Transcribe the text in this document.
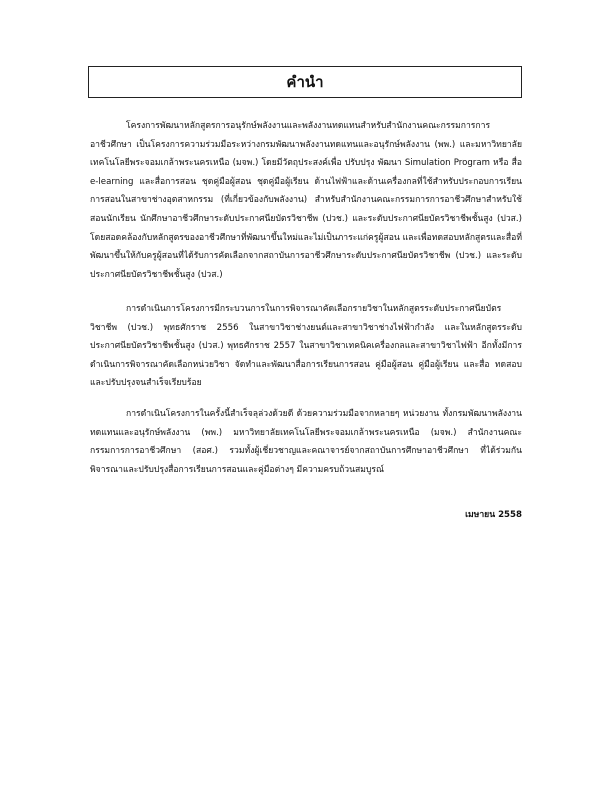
คำนำ

โครงการพัฒนาหลักสูตรการอนุรักษ์พลังงานและพลังงานทดแทนสำหรับสำนักงานคณะกรรมการการอาชีวศึกษา เป็นโครงการความร่วมมือระหว่างกรมพัฒนาพลังงานทดแทนและอนุรักษ์พลังงาน (พพ.) และมหาวิทยาลัยเทคโนโลยีพระจอมเกล้าพระนครเหนือ (มจพ.) โดยมีวัตถุประสงค์เพื่อ ปรับปรุง พัฒนา Simulation Program หรือ สื่อ e-learning และสื่อการสอน ชุดคู่มือผู้สอน ชุดคู่มือผู้เรียน ด้านไฟฟ้าและด้านเครื่องกลที่ใช้สำหรับประกอบการเรียนการสอนในสาขาช่างอุตสาหกรรม (ที่เกี่ยวข้องกับพลังงาน) สำหรับสำนักงานคณะกรรมการการอาชีวศึกษาสำหรับใช้สอนนักเรียน นักศึกษาอาชีวศึกษาระดับประกาศนียบัตรวิชาชีพ (ปวช.) และระดับประกาศนียบัตรวิชาชีพชั้นสูง (ปวส.) โดยสอดคล้องกับหลักสูตรของอาชีวศึกษาที่พัฒนาขึ้นใหม่และไม่เป็นภาระแก่ครูผู้สอน และเพื่อทดสอบหลักสูตรและสื่อที่พัฒนาขึ้นให้กับครูผู้สอนที่ได้รับการคัดเลือกจากสถาบันการอาชีวศึกษาระดับประกาศนียบัตรวิชาชีพ (ปวช.) และระดับประกาศนียบัตรวิชาชีพชั้นสูง (ปวส.)

การดำเนินการโครงการมีกระบวนการในการพิจารณาคัดเลือกรายวิชาในหลักสูตรระดับประกาศนียบัตรวิชาชีพ (ปวช.) พุทธศักราช 2556 ในสาขาวิชาช่างยนต์และสาขาวิชาช่างไฟฟ้ากำลัง และในหลักสูตรระดับประกาศนียบัตรวิชาชีพชั้นสูง (ปวส.) พุทธศักราช 2557 ในสาขาวิชาเทคนิคเครื่องกลและสาขาวิชาไฟฟ้า อีกทั้งมีการดำเนินการพิจารณาคัดเลือกหน่วยวิชา จัดทำและพัฒนาสื่อการเรียนการสอน คู่มือผู้สอน คู่มือผู้เรียน และสื่อ ทดสอบและปรับปรุงจนสำเร็จเรียบร้อย

การดำเนินโครงการในครั้งนี้สำเร็จลุล่วงด้วยดี ด้วยความร่วมมือจากหลายๆ หน่วยงาน ทั้งกรมพัฒนาพลังงานทดแทนและอนุรักษ์พลังงาน (พพ.) มหาวิทยาลัยเทคโนโลยีพระจอมเกล้าพระนครเหนือ (มจพ.) สำนักงานคณะกรรมการการอาชีวศึกษา (สอศ.) รวมทั้งผู้เชี่ยวชาญและคณาจารย์จากสถาบันการศึกษาอาชีวศึกษา ที่ได้ร่วมกันพิจารณาและปรับปรุงสื่อการเรียนการสอนและคู่มือต่างๆ มีความครบถ้วนสมบูรณ์

เมษายน 2558
